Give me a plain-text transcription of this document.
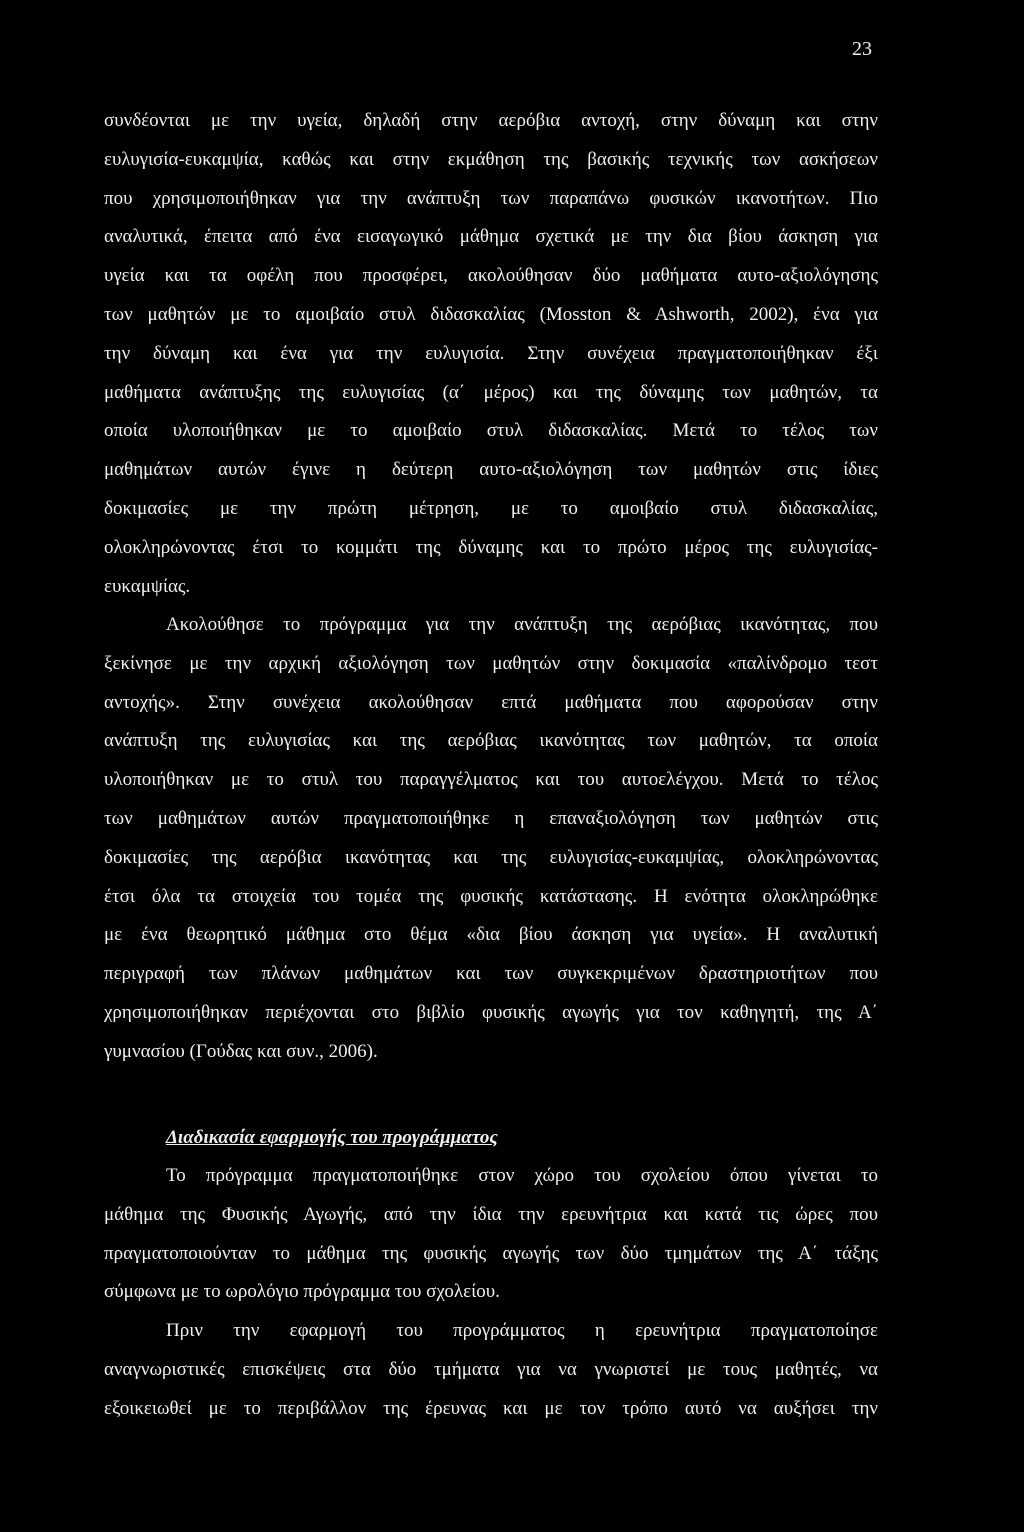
23
συνδέονται με την υγεία, δηλαδή στην αερόβια αντοχή, στην δύναμη και στην
ευλυγισία-ευκαμψία, καθώς και στην εκμάθηση της βασικής τεχνικής των ασκήσεων
που χρησιμοποιήθηκαν για την ανάπτυξη των παραπάνω φυσικών ικανοτήτων. Πιο
αναλυτικά, έπειτα από ένα εισαγωγικό μάθημα σχετικά με την δια βίου άσκηση για
υγεία και τα οφέλη που προσφέρει, ακολούθησαν δύο μαθήματα αυτο-αξιολόγησης
των μαθητών με το αμοιβαίο στυλ διδασκαλίας (Mosston & Ashworth, 2002), ένα για
την δύναμη και ένα για την ευλυγισία. Στην συνέχεια πραγματοποιήθηκαν έξι
μαθήματα ανάπτυξης της ευλυγισίας (α΄ μέρος) και της δύναμης των μαθητών, τα
οποία υλοποιήθηκαν με το αμοιβαίο στυλ διδασκαλίας. Μετά το τέλος των
μαθημάτων αυτών έγινε η δεύτερη αυτο-αξιολόγηση των μαθητών στις ίδιες
δοκιμασίες με την πρώτη μέτρηση, με το αμοιβαίο στυλ διδασκαλίας,
ολοκληρώνοντας έτσι το κομμάτι της δύναμης και το πρώτο μέρος της ευλυγισίας-
ευκαμψίας.
Ακολούθησε το πρόγραμμα για την ανάπτυξη της αερόβιας ικανότητας, που
ξεκίνησε με την αρχική αξιολόγηση των μαθητών στην δοκιμασία «παλίνδρομο τεστ
αντοχής». Στην συνέχεια ακολούθησαν επτά μαθήματα που αφορούσαν στην
ανάπτυξη της ευλυγισίας και της αερόβιας ικανότητας των μαθητών, τα οποία
υλοποιήθηκαν με το στυλ του παραγγέλματος και του αυτοελέγχου. Μετά το τέλος
των μαθημάτων αυτών πραγματοποιήθηκε η επαναξιολόγηση των μαθητών στις
δοκιμασίες της αερόβια ικανότητας και της ευλυγισίας-ευκαμψίας, ολοκληρώνοντας
έτσι όλα τα στοιχεία του τομέα της φυσικής κατάστασης. Η ενότητα ολοκληρώθηκε
με ένα θεωρητικό μάθημα στο θέμα «δια βίου άσκηση για υγεία». Η αναλυτική
περιγραφή των πλάνων μαθημάτων και των συγκεκριμένων δραστηριοτήτων που
χρησιμοποιήθηκαν περιέχονται στο βιβλίο φυσικής αγωγής για τον καθηγητή, της Α΄
γυμνασίου (Γούδας και συν., 2006).
Διαδικασία εφαρμογής του προγράμματος
Το πρόγραμμα πραγματοποιήθηκε στον χώρο του σχολείου όπου γίνεται το
μάθημα της Φυσικής Αγωγής, από την ίδια την ερευνήτρια και κατά τις ώρες που
πραγματοποιούνταν το μάθημα της φυσικής αγωγής των δύο τμημάτων της Α΄ τάξης
σύμφωνα με το ωρολόγιο πρόγραμμα του σχολείου.
Πριν την εφαρμογή του προγράμματος η ερευνήτρια πραγματοποίησε
αναγνωριστικές επισκέψεις στα δύο τμήματα για να γνωριστεί με τους μαθητές, να
εξοικειωθεί με το περιβάλλον της έρευνας και με τον τρόπο αυτό να αυξήσει την
